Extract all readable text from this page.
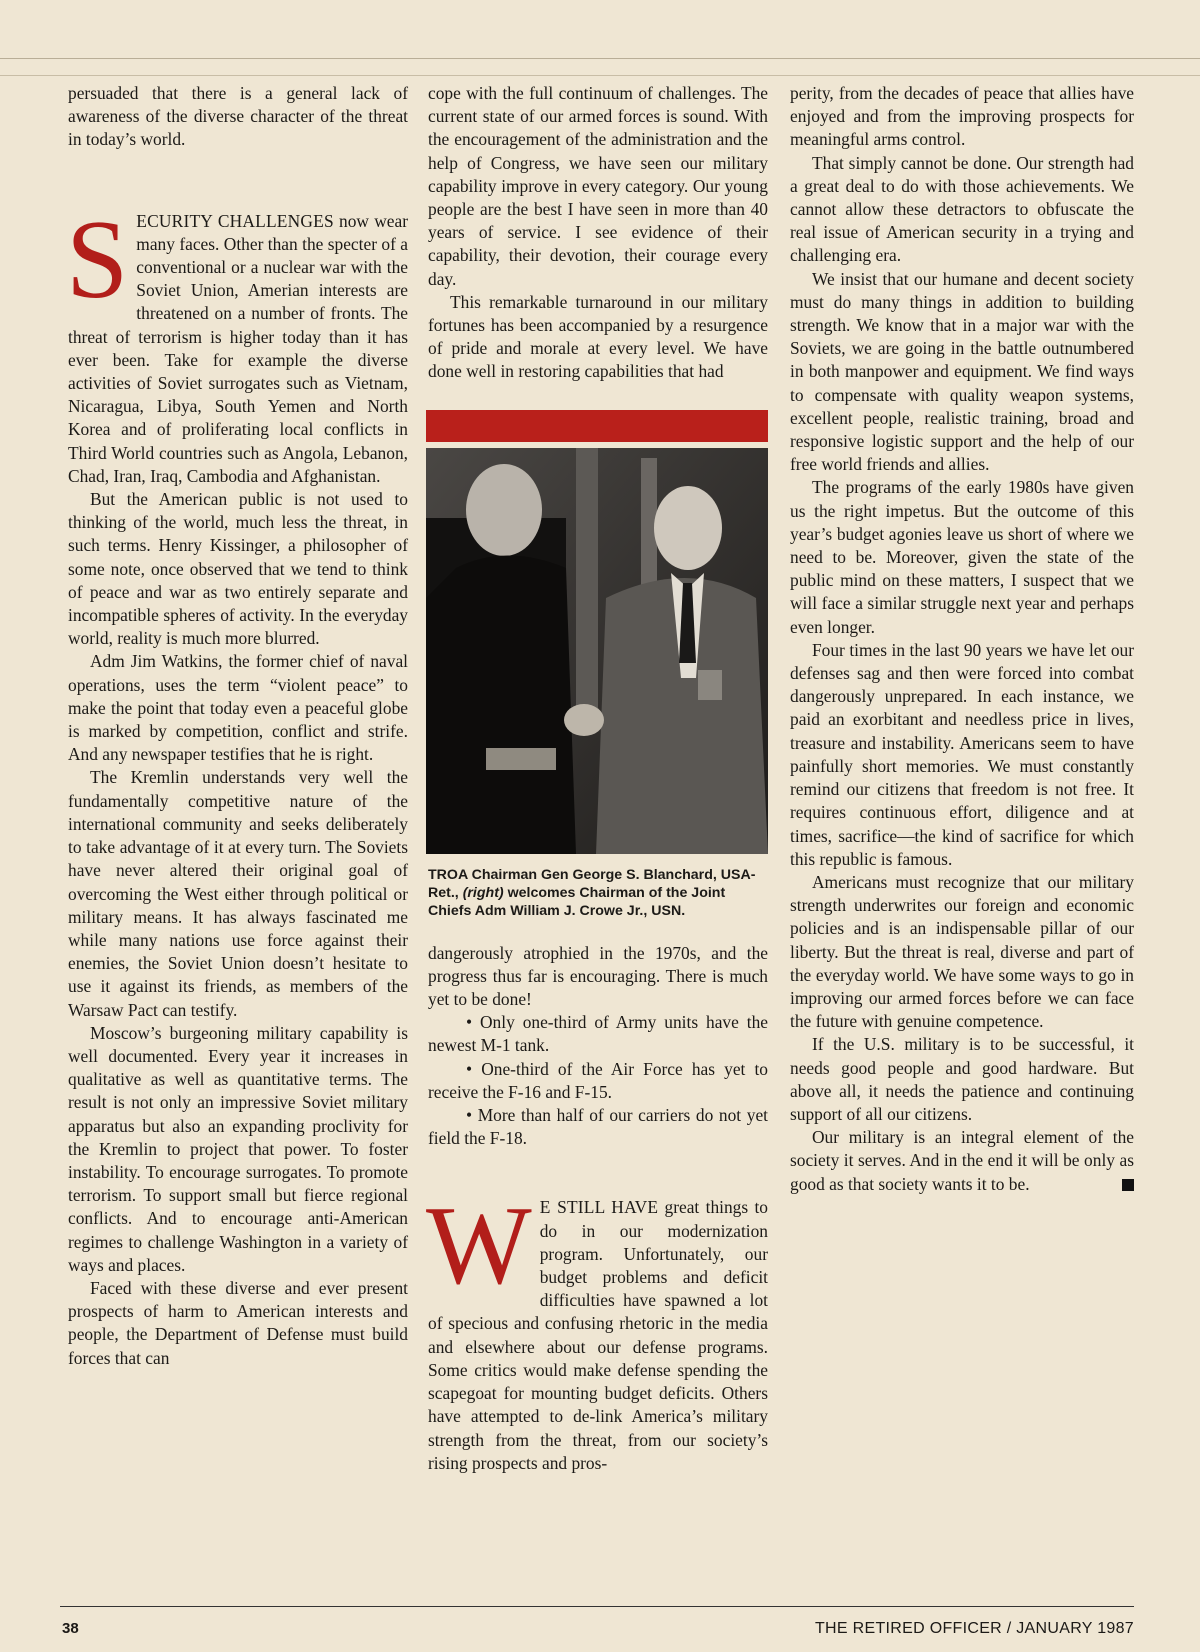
persuaded that there is a general lack of awareness of the diverse character of the threat in today’s world.

SECURITY CHALLENGES now wear many faces. Other than the specter of a conventional or a nuclear war with the Soviet Union, Amerian interests are threatened on a number of fronts. The threat of terrorism is higher today than it has ever been. Take for example the diverse activities of Soviet surrogates such as Vietnam, Nicaragua, Libya, South Yemen and North Korea and of proliferating local conflicts in Third World countries such as Angola, Lebanon, Chad, Iran, Iraq, Cambodia and Afghanistan.

But the American public is not used to thinking of the world, much less the threat, in such terms. Henry Kissinger, a philosopher of some note, once observed that we tend to think of peace and war as two entirely separate and incompatible spheres of activity. In the everyday world, reality is much more blurred.

Adm Jim Watkins, the former chief of naval operations, uses the term “violent peace” to make the point that today even a peaceful globe is marked by competition, conflict and strife. And any newspaper testifies that he is right.

The Kremlin understands very well the fundamentally competitive nature of the international community and seeks deliberately to take advantage of it at every turn. The Soviets have never altered their original goal of overcoming the West either through political or military means. It has always fascinated me while many nations use force against their enemies, the Soviet Union doesn’t hesitate to use it against its friends, as members of the Warsaw Pact can testify.

Moscow’s burgeoning military capability is well documented. Every year it increases in qualitative as well as quantitative terms. The result is not only an impressive Soviet military apparatus but also an expanding proclivity for the Kremlin to project that power. To foster instability. To encourage surrogates. To promote terrorism. To support small but fierce regional conflicts. And to encourage anti-American regimes to challenge Washington in a variety of ways and places.

Faced with these diverse and ever present prospects of harm to American interests and people, the Department of Defense must build forces that can

cope with the full continuum of challenges. The current state of our armed forces is sound. With the encouragement of the administration and the help of Congress, we have seen our military capability improve in every category. Our young people are the best I have seen in more than 40 years of service. I see evidence of their capability, their devotion, their courage every day.

This remarkable turnaround in our military fortunes has been accompanied by a resurgence of pride and morale at every level. We have done well in restoring capabilities that had

TROA Chairman Gen George S. Blanchard, USA-Ret., (right) welcomes Chairman of the Joint Chiefs Adm William J. Crowe Jr., USN.

dangerously atrophied in the 1970s, and the progress thus far is encouraging. There is much yet to be done!

• Only one-third of Army units have the newest M-1 tank.

• One-third of the Air Force has yet to receive the F-16 and F-15.

• More than half of our carriers do not yet field the F-18.

W E STILL HAVE great things to do in our modernization program. Unfortunately, our budget problems and deficit difficulties have spawned a lot of specious and confusing rhetoric in the media and elsewhere about our defense programs. Some critics would make defense spending the scapegoat for mounting budget deficits. Others have attempted to de-link America’s military strength from the threat, from our society’s rising prospects and pros-

perity, from the decades of peace that allies have enjoyed and from the improving prospects for meaningful arms control.

That simply cannot be done. Our strength had a great deal to do with those achievements. We cannot allow these detractors to obfuscate the real issue of American security in a trying and challenging era.

We insist that our humane and decent society must do many things in addition to building strength. We know that in a major war with the Soviets, we are going in the battle outnumbered in both manpower and equipment. We find ways to compensate with quality weapon systems, excellent people, realistic training, broad and responsive logistic support and the help of our free world friends and allies.

The programs of the early 1980s have given us the right impetus. But the outcome of this year’s budget agonies leave us short of where we need to be. Moreover, given the state of the public mind on these matters, I suspect that we will face a similar struggle next year and perhaps even longer.

Four times in the last 90 years we have let our defenses sag and then were forced into combat dangerously unprepared. In each instance, we paid an exorbitant and needless price in lives, treasure and instability. Americans seem to have painfully short memories. We must constantly remind our citizens that freedom is not free. It requires continuous effort, diligence and at times, sacrifice—the kind of sacrifice for which this republic is famous.

Americans must recognize that our military strength underwrites our foreign and economic policies and is an indispensable pillar of our liberty. But the threat is real, diverse and part of the everyday world. We have some ways to go in improving our armed forces before we can face the future with genuine competence.

If the U.S. military is to be successful, it needs good people and good hardware. But above all, it needs the patience and continuing support of all our citizens.

Our military is an integral element of the society it serves. And in the end it will be only as good as that society wants it to be.

38	THE RETIRED OFFICER / JANUARY 1987
